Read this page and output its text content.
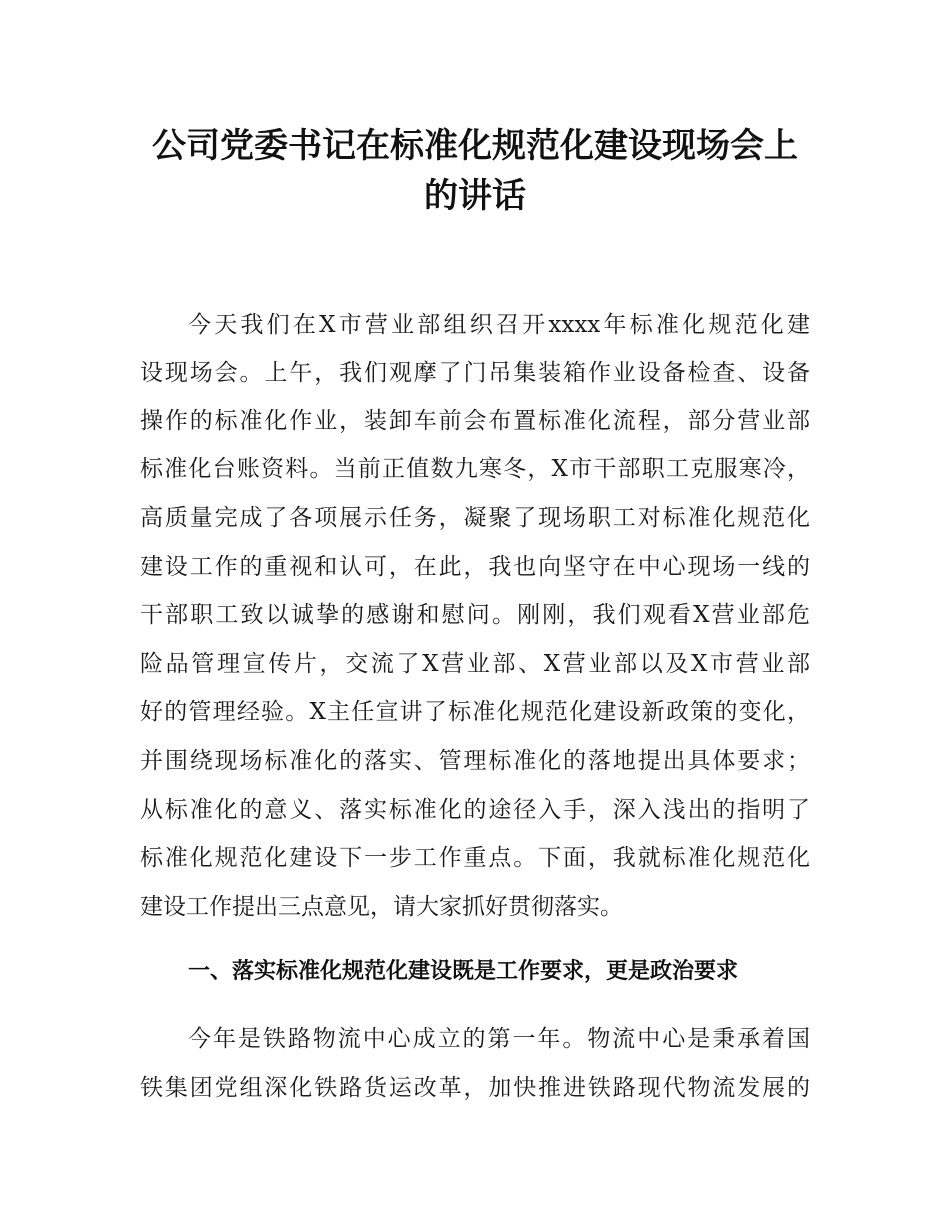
公司党委书记在标准化规范化建设现场会上
的讲话
今天我们在X市营业部组织召开xxxx年标准化规范化建
设现场会。上午，我们观摩了门吊集装箱作业设备检查、设备
操作的标准化作业，装卸车前会布置标准化流程，部分营业部
标准化台账资料。当前正值数九寒冬，X市干部职工克服寒冷，
高质量完成了各项展示任务，凝聚了现场职工对标准化规范化
建设工作的重视和认可，在此，我也向坚守在中心现场一线的
干部职工致以诚挚的感谢和慰问。刚刚，我们观看X营业部危
险品管理宣传片，交流了X营业部、X营业部以及X市营业部
好的管理经验。X主任宣讲了标准化规范化建设新政策的变化，
并围绕现场标准化的落实、管理标准化的落地提出具体要求；
从标准化的意义、落实标准化的途径入手，深入浅出的指明了
标准化规范化建设下一步工作重点。下面，我就标准化规范化
建设工作提出三点意见，请大家抓好贯彻落实。
一、落实标准化规范化建设既是工作要求，更是政治要求
今年是铁路物流中心成立的第一年。物流中心是秉承着国
铁集团党组深化铁路货运改革，加快推进铁路现代物流发展的
